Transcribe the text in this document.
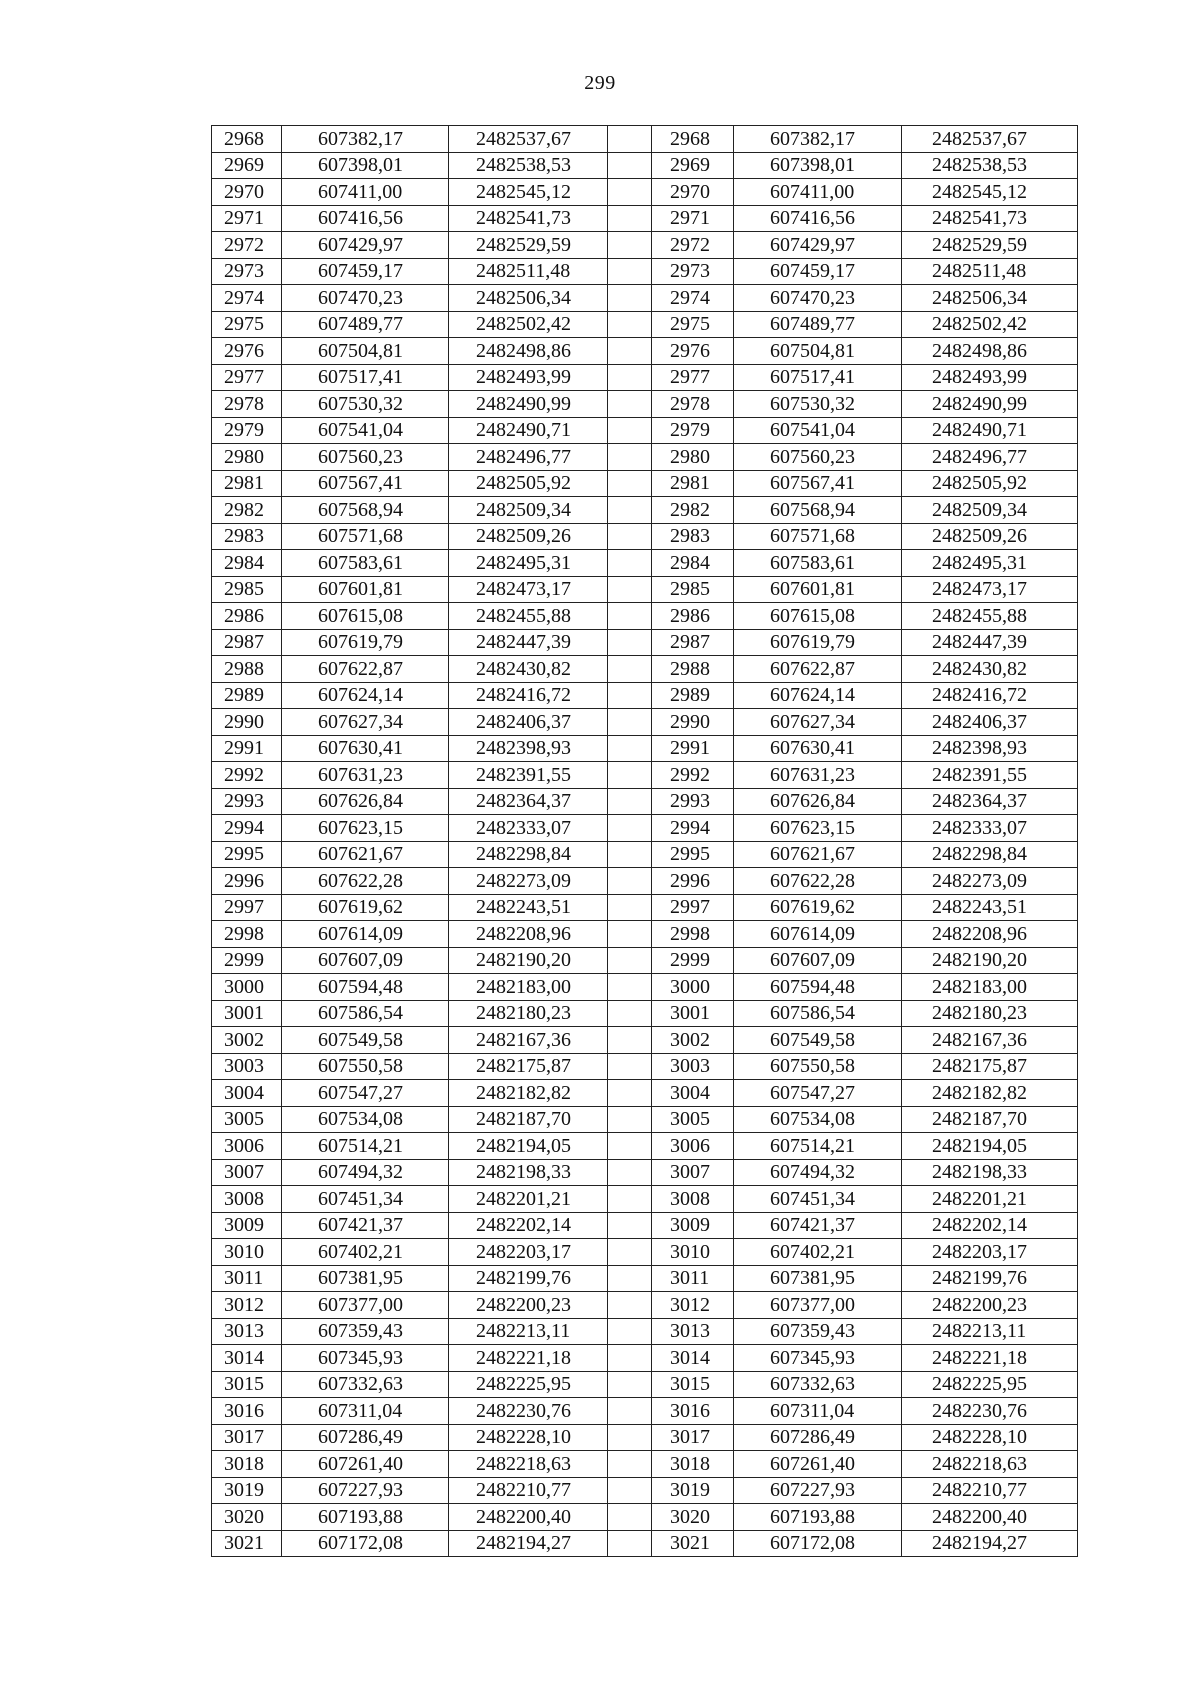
299
2968	607382,17	2482537,67		2968	607382,17	2482537,67
2969	607398,01	2482538,53		2969	607398,01	2482538,53
2970	607411,00	2482545,12		2970	607411,00	2482545,12
2971	607416,56	2482541,73		2971	607416,56	2482541,73
2972	607429,97	2482529,59		2972	607429,97	2482529,59
2973	607459,17	2482511,48		2973	607459,17	2482511,48
2974	607470,23	2482506,34		2974	607470,23	2482506,34
2975	607489,77	2482502,42		2975	607489,77	2482502,42
2976	607504,81	2482498,86		2976	607504,81	2482498,86
2977	607517,41	2482493,99		2977	607517,41	2482493,99
2978	607530,32	2482490,99		2978	607530,32	2482490,99
2979	607541,04	2482490,71		2979	607541,04	2482490,71
2980	607560,23	2482496,77		2980	607560,23	2482496,77
2981	607567,41	2482505,92		2981	607567,41	2482505,92
2982	607568,94	2482509,34		2982	607568,94	2482509,34
2983	607571,68	2482509,26		2983	607571,68	2482509,26
2984	607583,61	2482495,31		2984	607583,61	2482495,31
2985	607601,81	2482473,17		2985	607601,81	2482473,17
2986	607615,08	2482455,88		2986	607615,08	2482455,88
2987	607619,79	2482447,39		2987	607619,79	2482447,39
2988	607622,87	2482430,82		2988	607622,87	2482430,82
2989	607624,14	2482416,72		2989	607624,14	2482416,72
2990	607627,34	2482406,37		2990	607627,34	2482406,37
2991	607630,41	2482398,93		2991	607630,41	2482398,93
2992	607631,23	2482391,55		2992	607631,23	2482391,55
2993	607626,84	2482364,37		2993	607626,84	2482364,37
2994	607623,15	2482333,07		2994	607623,15	2482333,07
2995	607621,67	2482298,84		2995	607621,67	2482298,84
2996	607622,28	2482273,09		2996	607622,28	2482273,09
2997	607619,62	2482243,51		2997	607619,62	2482243,51
2998	607614,09	2482208,96		2998	607614,09	2482208,96
2999	607607,09	2482190,20		2999	607607,09	2482190,20
3000	607594,48	2482183,00		3000	607594,48	2482183,00
3001	607586,54	2482180,23		3001	607586,54	2482180,23
3002	607549,58	2482167,36		3002	607549,58	2482167,36
3003	607550,58	2482175,87		3003	607550,58	2482175,87
3004	607547,27	2482182,82		3004	607547,27	2482182,82
3005	607534,08	2482187,70		3005	607534,08	2482187,70
3006	607514,21	2482194,05		3006	607514,21	2482194,05
3007	607494,32	2482198,33		3007	607494,32	2482198,33
3008	607451,34	2482201,21		3008	607451,34	2482201,21
3009	607421,37	2482202,14		3009	607421,37	2482202,14
3010	607402,21	2482203,17		3010	607402,21	2482203,17
3011	607381,95	2482199,76		3011	607381,95	2482199,76
3012	607377,00	2482200,23		3012	607377,00	2482200,23
3013	607359,43	2482213,11		3013	607359,43	2482213,11
3014	607345,93	2482221,18		3014	607345,93	2482221,18
3015	607332,63	2482225,95		3015	607332,63	2482225,95
3016	607311,04	2482230,76		3016	607311,04	2482230,76
3017	607286,49	2482228,10		3017	607286,49	2482228,10
3018	607261,40	2482218,63		3018	607261,40	2482218,63
3019	607227,93	2482210,77		3019	607227,93	2482210,77
3020	607193,88	2482200,40		3020	607193,88	2482200,40
3021	607172,08	2482194,27		3021	607172,08	2482194,27
